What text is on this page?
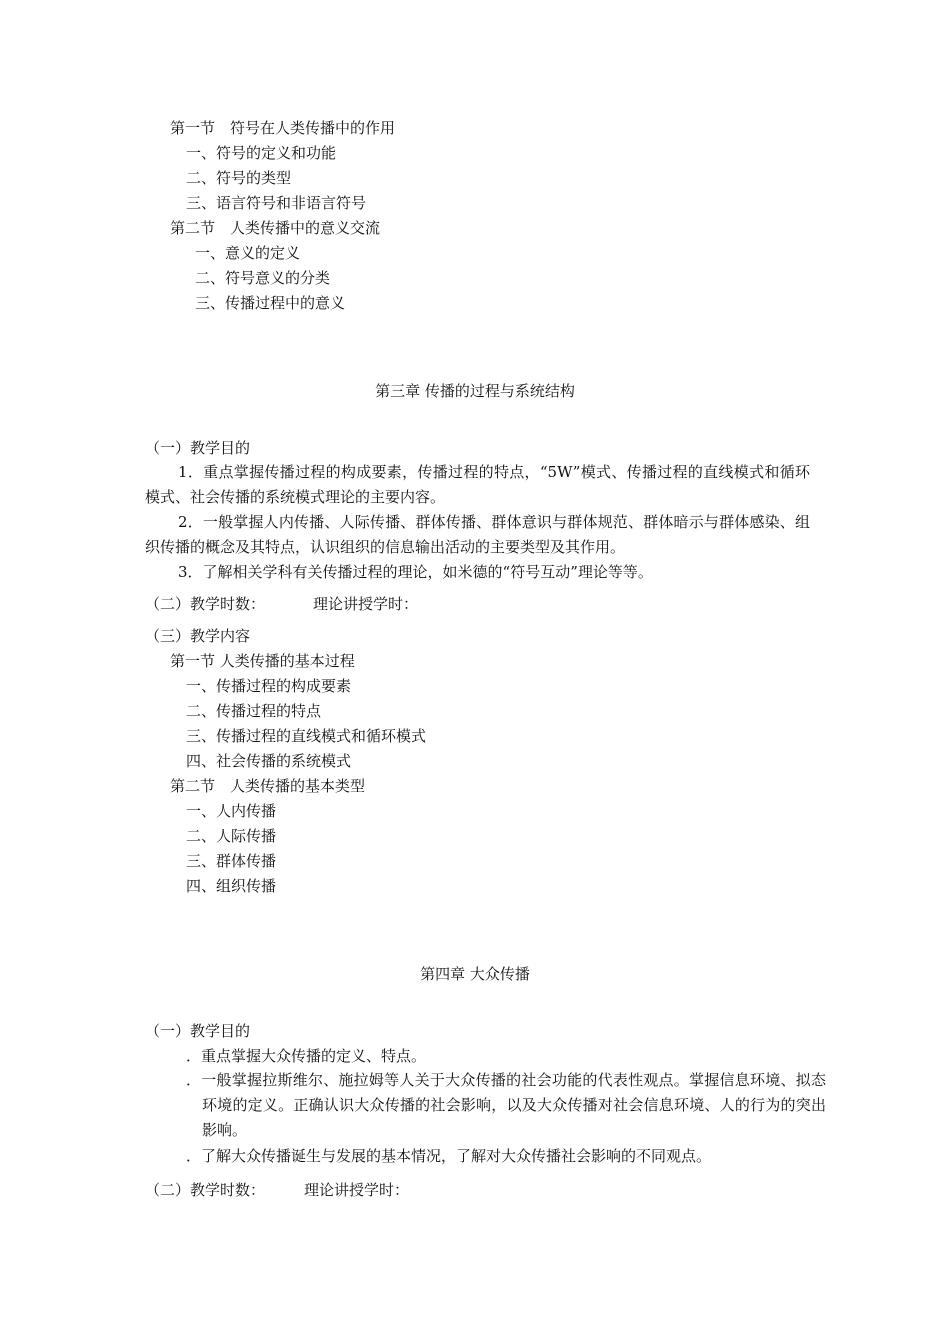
第一节　符号在人类传播中的作用
一、符号的定义和功能
二、符号的类型
三、语言符号和非语言符号
第二节　人类传播中的意义交流
一、意义的定义
二、符号意义的分类
三、传播过程中的意义
第三章 传播的过程与系统结构
（一）教学目的
1．重点掌握传播过程的构成要素，传播过程的特点，“5W”模式、传播过程的直线模式和循环模式、社会传播的系统模式理论的主要内容。
2．一般掌握人内传播、人际传播、群体传播、群体意识与群体规范、群体暗示与群体感染、组织传播的概念及其特点，认识组织的信息输出活动的主要类型及其作用。
3．了解相关学科有关传播过程的理论，如米德的“符号互动”理论等等。
（二）教学时数：	理论讲授学时：
（三）教学内容
第一节 人类传播的基本过程
一、传播过程的构成要素
二、传播过程的特点
三、传播过程的直线模式和循环模式
四、社会传播的系统模式
第二节　人类传播的基本类型
一、人内传播
二、人际传播
三、群体传播
四、组织传播
第四章 大众传播
（一）教学目的
．重点掌握大众传播的定义、特点。
．一般掌握拉斯维尔、施拉姆等人关于大众传播的社会功能的代表性观点。掌握信息环境、拟态环境的定义。正确认识大众传播的社会影响，以及大众传播对社会信息环境、人的行为的突出影响。
．了解大众传播诞生与发展的基本情况，了解对大众传播社会影响的不同观点。
（二）教学时数：	理论讲授学时：
